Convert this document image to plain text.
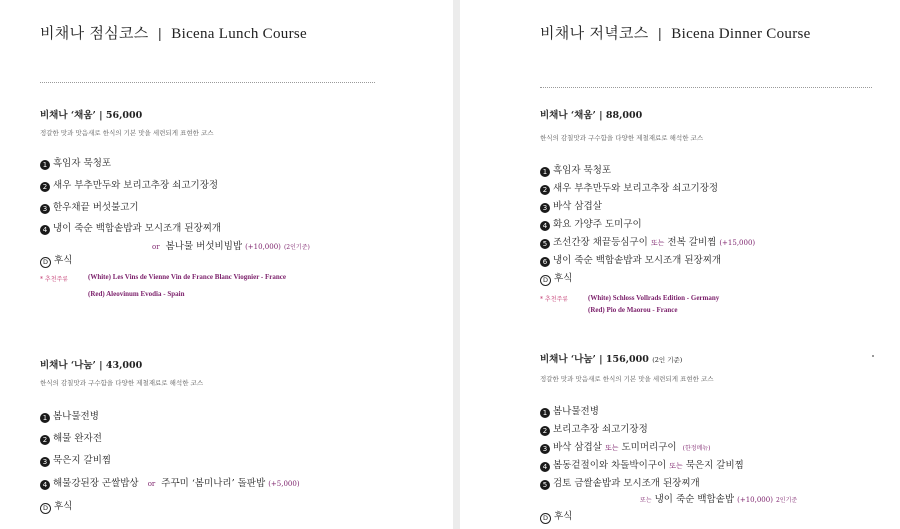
비채나 점심코스 | Bicena Lunch Course
비채나 ‘채움’ | 56,000
정갈한 맛과 맛음새로 한식의 기본 맛을 세련되게 표현한 코스
1 흑임자 묵청포
2 새우 부추만두와 보리고추장 쇠고기장정
3 한우채끝 버섯불고기
4 냉이 죽순 백합솥밥과 모시조개 된장찌개
or 봄나물 버섯비빔밥 (+10,000) (2인기준)
D 후식
* 추천주류	(White) Les Vins de Vienne Vin de France Blanc Viognier - France
(Red) Aleovinum Evodia - Spain
비채나 ‘나눔’ | 43,000
한식의 감칠맛과 구수함을 다양한 제철재료로 해석한 코스
1 봄나물전병
2 해물 완자전
3 묵은지 갈비찜
4 해물강된장 곤쌀밥상 or 주꾸미 ‘봄미나리’ 돌판밥 (+5,000)
D 후식
비채나 저녁코스 | Bicena Dinner Course
비채나 ‘채움’ | 88,000
한식의 감칠맛과 구수함을 다양한 제철재료로 해석한 코스
1 흑임자 묵청포
2 새우 부추만두와 보리고추장 쇠고기장정
3 바삭 삼겹살
4 화요 가양주 도미구이
5 조선간장 채끝등심구이 또는 전복 갈비찜 (+15,000)
6 냉이 죽순 백합솥밥과 모시조개 된장찌개
D 후식
* 추천주류	(White) Schloss Vollrads Edition - Germany
(Red) Pio de Maorou - France
비채나 ‘나눔’ | 156,000 (2인 기준)
정갈한 맛과 맛음새로 한식의 기본 맛을 세련되게 표현한 코스
1 봄나물전병
2 보리고추장 쇠고기장정
3 바삭 삼겹살 또는 도미머리구이 (한정메뉴)
4 봄동겉절이와 차돌박이구이 또는 묵은지 갈비찜
5 검토 금쌀솥밥과 모시조개 된장찌개
또는 냉이 죽순 백합솥밥 (+10,000) 2인기준
D 후식
